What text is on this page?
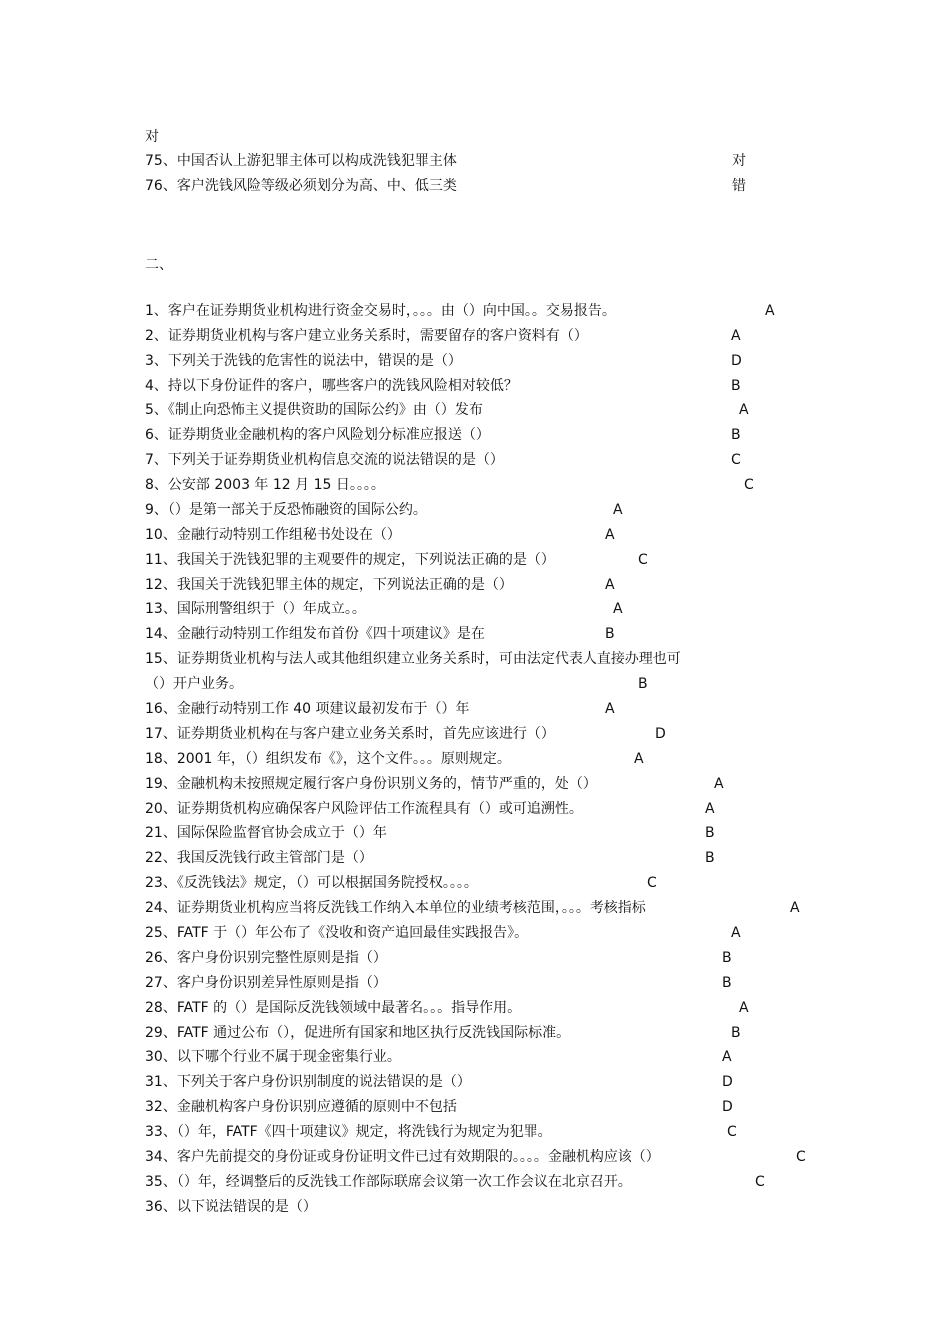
对
75、中国否认上游犯罪主体可以构成洗钱犯罪主体	对
76、客户洗钱风险等级必须划分为高、中、低三类	错
二、
1、客户在证券期货业机构进行资金交易时，。。。由（）向中国。。交易报告。	A
2、证券期货业机构与客户建立业务关系时，需要留存的客户资料有（）	A
3、下列关于洗钱的危害性的说法中，错误的是（）	D
4、持以下身份证件的客户，哪些客户的洗钱风险相对较低？	B
5、《制止向恐怖主义提供资助的国际公约》由（）发布	A
6、证券期货业金融机构的客户风险划分标准应报送（）	B
7、下列关于证券期货业机构信息交流的说法错误的是（）	C
8、公安部 2003 年 12 月 15 日。。。。	C
9、（）是第一部关于反恐怖融资的国际公约。	A
10、金融行动特别工作组秘书处设在（）	A
11、我国关于洗钱犯罪的主观要件的规定，下列说法正确的是（）	C
12、我国关于洗钱犯罪主体的规定，下列说法正确的是（）	A
13、国际刑警组织于（）年成立。。	A
14、金融行动特别工作组发布首份《四十项建议》是在	B
15、证券期货业机构与法人或其他组织建立业务关系时，可由法定代表人直接办理也可
（）开户业务。	B
16、金融行动特别工作 40 项建议最初发布于（）年	A
17、证券期货业机构在与客户建立业务关系时，首先应该进行（）	D
18、2001 年，（）组织发布《》，这个文件。。。原则规定。	A
19、金融机构未按照规定履行客户身份识别义务的，情节严重的，处（）	A
20、证券期货机构应确保客户风险评估工作流程具有（）或可追溯性。	A
21、国际保险监督官协会成立于（）年	B
22、我国反洗钱行政主管部门是（）	B
23、《反洗钱法》规定，（）可以根据国务院授权。。。。	C
24、证券期货业机构应当将反洗钱工作纳入本单位的业绩考核范围，。。。考核指标	A
25、FATF 于（）年公布了《没收和资产追回最佳实践报告》。	A
26、客户身份识别完整性原则是指（）	B
27、客户身份识别差异性原则是指（）	B
28、FATF 的（）是国际反洗钱领域中最著名。。。指导作用。	A
29、FATF 通过公布（），促进所有国家和地区执行反洗钱国际标准。	B
30、以下哪个行业不属于现金密集行业。	A
31、下列关于客户身份识别制度的说法错误的是（）	D
32、金融机构客户身份识别应遵循的原则中不包括	D
33、（）年，FATF《四十项建议》规定，将洗钱行为规定为犯罪。	C
34、客户先前提交的身份证或身份证明文件已过有效期限的。。。。金融机构应该（）	C
35、（）年，经调整后的反洗钱工作部际联席会议第一次工作会议在北京召开。	C
36、以下说法错误的是（）
